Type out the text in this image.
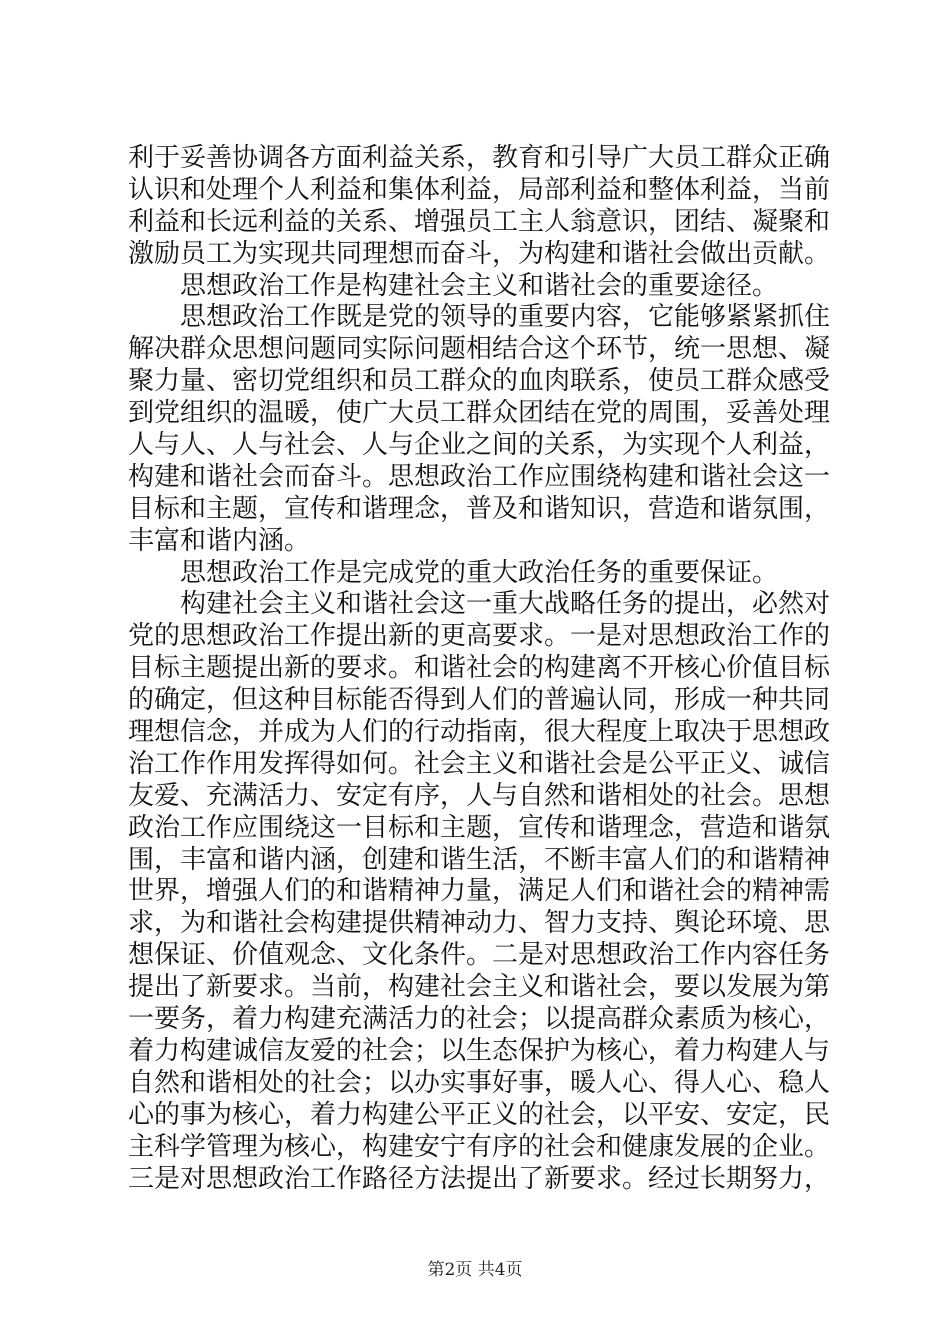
利于妥善协调各方面利益关系，教育和引导广大员工群众正确
认识和处理个人利益和集体利益，局部利益和整体利益，当前
利益和长远利益的关系、增强员工主人翁意识，团结、凝聚和
激励员工为实现共同理想而奋斗，为构建和谐社会做出贡献。
思想政治工作是构建社会主义和谐社会的重要途径。
思想政治工作既是党的领导的重要内容，它能够紧紧抓住
解决群众思想问题同实际问题相结合这个环节，统一思想、凝
聚力量、密切党组织和员工群众的血肉联系，使员工群众感受
到党组织的温暖，使广大员工群众团结在党的周围，妥善处理
人与人、人与社会、人与企业之间的关系，为实现个人利益，
构建和谐社会而奋斗。思想政治工作应围绕构建和谐社会这一
目标和主题，宣传和谐理念，普及和谐知识，营造和谐氛围，
丰富和谐内涵。
思想政治工作是完成党的重大政治任务的重要保证。
构建社会主义和谐社会这一重大战略任务的提出，必然对
党的思想政治工作提出新的更高要求。一是对思想政治工作的
目标主题提出新的要求。和谐社会的构建离不开核心价值目标
的确定，但这种目标能否得到人们的普遍认同，形成一种共同
理想信念，并成为人们的行动指南，很大程度上取决于思想政
治工作作用发挥得如何。社会主义和谐社会是公平正义、诚信
友爱、充满活力、安定有序，人与自然和谐相处的社会。思想
政治工作应围绕这一目标和主题，宣传和谐理念，营造和谐氛
围，丰富和谐内涵，创建和谐生活，不断丰富人们的和谐精神
世界，增强人们的和谐精神力量，满足人们和谐社会的精神需
求，为和谐社会构建提供精神动力、智力支持、舆论环境、思
想保证、价值观念、文化条件。二是对思想政治工作内容任务
提出了新要求。当前，构建社会主义和谐社会，要以发展为第
一要务，着力构建充满活力的社会；以提高群众素质为核心，
着力构建诚信友爱的社会；以生态保护为核心，着力构建人与
自然和谐相处的社会；以办实事好事，暖人心、得人心、稳人
心的事为核心，着力构建公平正义的社会，以平安、安定，民
主科学管理为核心，构建安宁有序的社会和健康发展的企业。
三是对思想政治工作路径方法提出了新要求。经过长期努力，
第2页 共4页
